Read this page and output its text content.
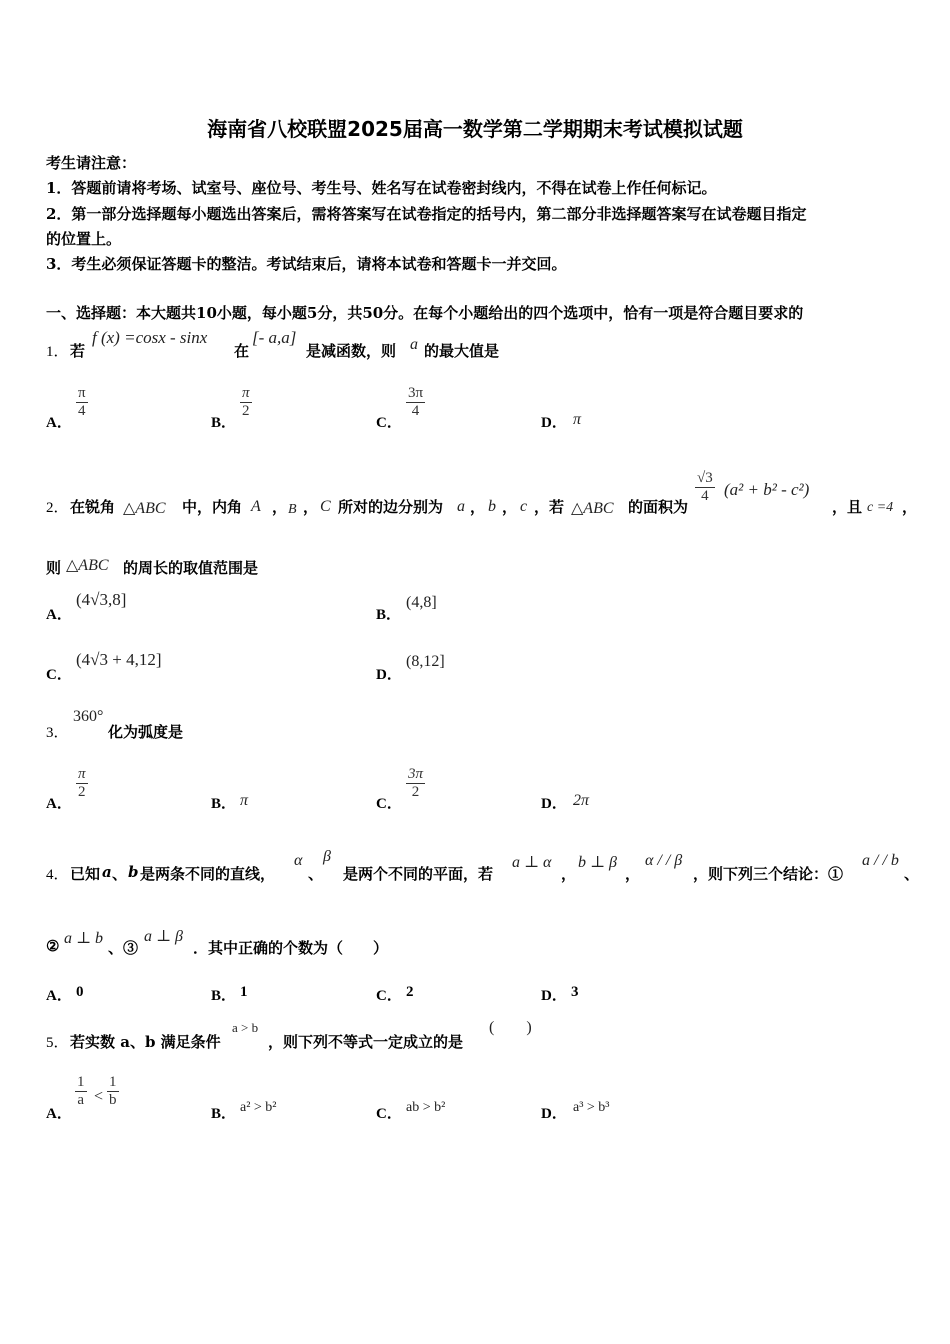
海南省八校联盟2025届高一数学第二学期期末考试模拟试题
考生请注意：
1．答题前请将考场、试室号、座位号、考生号、姓名写在试卷密封线内，不得在试卷上作任何标记。
2．第一部分选择题每小题选出答案后，需将答案写在试卷指定的括号内，第二部分非选择题答案写在试卷题目指定
的位置上。
3．考生必须保证答题卡的整洁。考试结束后，请将本试卷和答题卡一并交回。
一、选择题：本大题共10小题，每小题5分，共50分。在每个小题给出的四个选项中，恰有一项是符合题目要求的
1． 若
f (x) =cosx - sinx
在
[- a,a]
是减函数，则 a 的最大值是
A．
$\frac{\pi}{4}$
B．
$\frac{\pi}{2}$
C．
$\frac{3\pi}{4}$
D． π
2． 在锐角 △ABC 中，内角 A ， B ， C 所对的边分别为 a ， b ， c ，若 △ABC 的面积为
$\frac{√3}{4} (a^2 + b^2 - c^2)$
，且 c =4 ，
则 △ABC 的周长的取值范围是
A．
(4√3,8]
B．
(4,8]
C．
(4√3 + 4,12]
D．
(8,12]
3．
360°
化为弧度是
A．
$\frac{\pi}{2}$
B． π	C．
$\frac{3\pi}{2}$
D． 2π
4． 已知 a 、 b 是两条不同的直线，
α
、
β
是两个不同的平面，若
a ⊥ α
，
b ⊥ β
，
α / / β
，则下列三个结论：①
a / / b
、
② a ⊥ b
、③
a ⊥ β
．其中正确的个数为（　　）
A． 0	B． 1	C． 2	D． 3
5． 若实数 a、b 满足条件
a > b
，则下列不等式一定成立的是
(　　)
A．
$\frac{1}{a} < \frac{1}{b}$
B． a² > b²	C． ab > b²	D． a³ > b³
